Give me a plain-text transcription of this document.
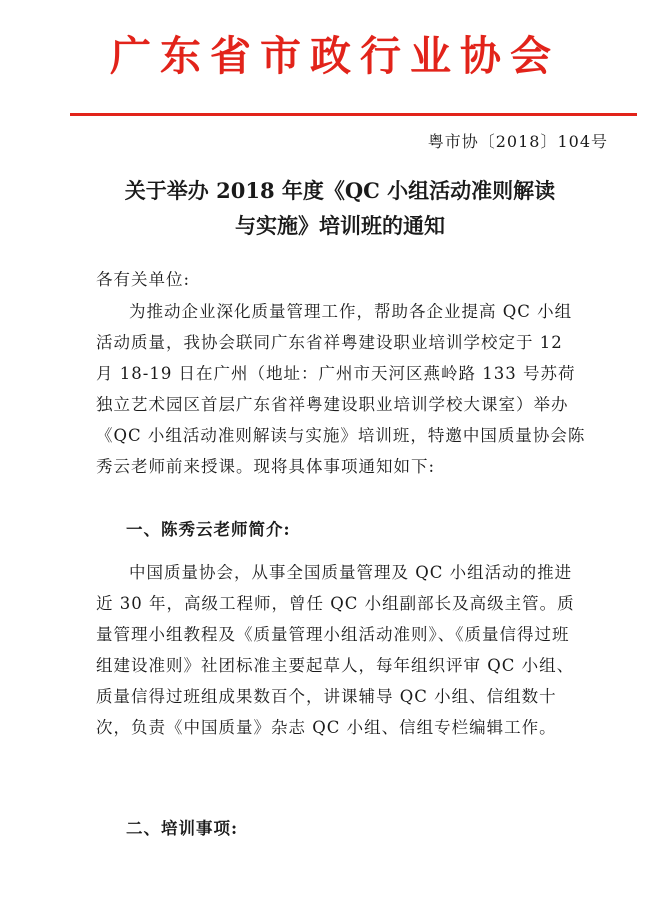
广东省市政行业协会
粤市协〔2018〕104号
关于举办 2018 年度《QC 小组活动准则解读
与实施》培训班的通知

各有关单位:

为推动企业深化质量管理工作，帮助各企业提高 QC 小组活动质量，我协会联同广东省祥粤建设职业培训学校定于 12 月 18-19 日在广州（地址：广州市天河区燕岭路 133 号苏荷独立艺术园区首层广东省祥粤建设职业培训学校大课室）举办《QC 小组活动准则解读与实施》培训班，特邀中国质量协会陈秀云老师前来授课。现将具体事项通知如下:

一、陈秀云老师简介:

中国质量协会，从事全国质量管理及 QC 小组活动的推进近 30 年，高级工程师，曾任 QC 小组副部长及高级主管。质量管理小组教程及《质量管理小组活动准则》、《质量信得过班组建设准则》社团标准主要起草人，每年组织评审 QC 小组、质量信得过班组成果数百个，讲课辅导 QC 小组、信组数十次，负责《中国质量》杂志 QC 小组、信组专栏编辑工作。

二、培训事项:
